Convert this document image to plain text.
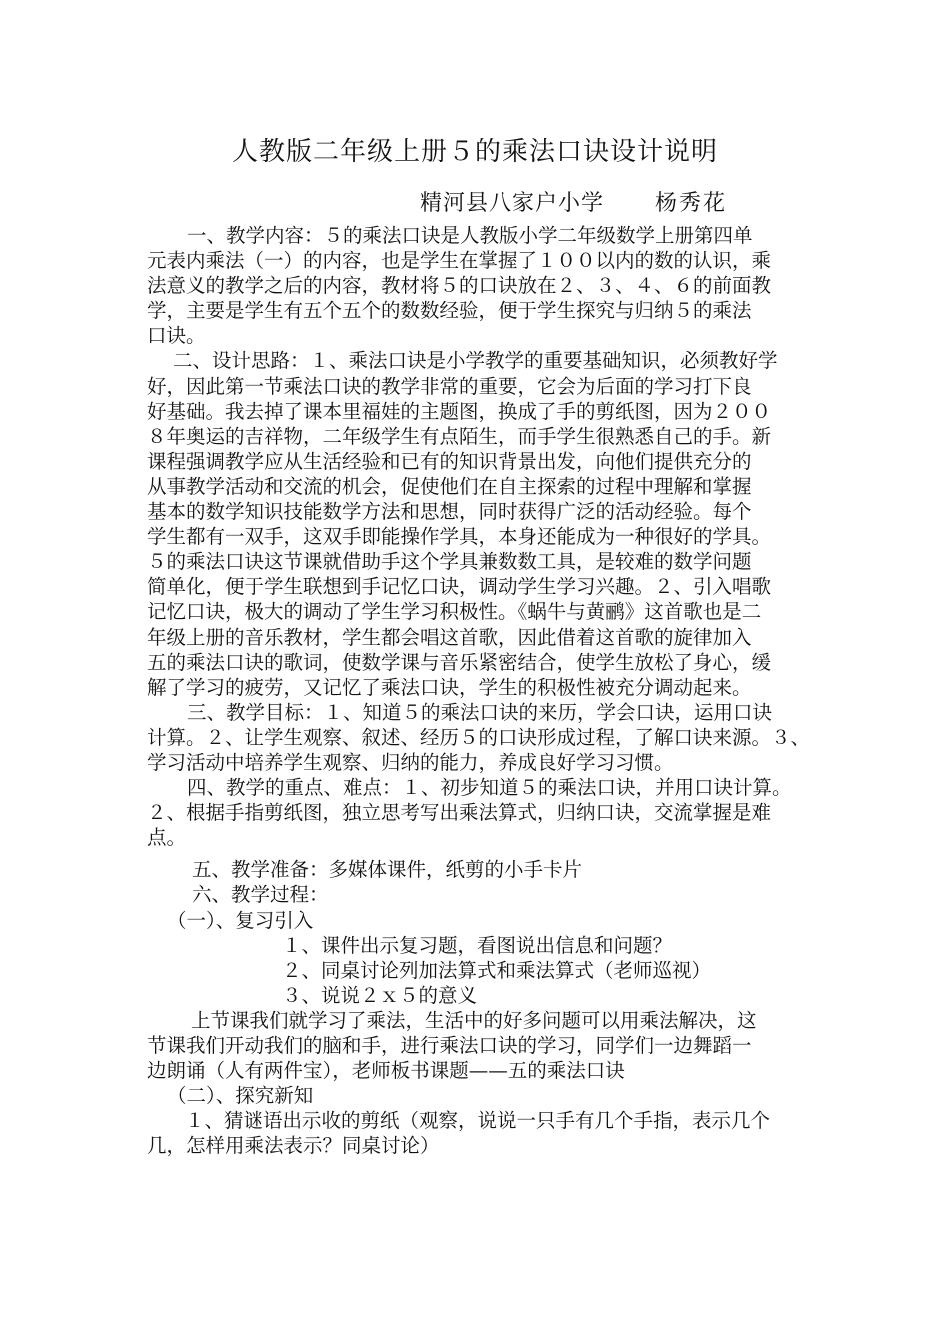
人教版二年级上册５的乘法口诀设计说明
精河县八家户小学 杨秀花
一、教学内容：５的乘法口诀是人教版小学二年级数学上册第四单
元表内乘法（一）的内容，也是学生在掌握了１００以内的数的认识，乘
法意义的教学之后的内容，教材将５的口诀放在２、３、４、６的前面教
学，主要是学生有五个五个的数数经验，便于学生探究与归纳５的乘法
口诀。
二、设计思路：１、乘法口诀是小学教学的重要基础知识，必须教好学
好，因此第一节乘法口诀的教学非常的重要，它会为后面的学习打下良
好基础。我去掉了课本里福娃的主题图，换成了手的剪纸图，因为２００
８年奥运的吉祥物，二年级学生有点陌生，而手学生很熟悉自己的手。新
课程强调教学应从生活经验和已有的知识背景出发，向他们提供充分的
从事教学活动和交流的机会，促使他们在自主探索的过程中理解和掌握
基本的数学知识技能数学方法和思想，同时获得广泛的活动经验。每个
学生都有一双手，这双手即能操作学具，本身还能成为一种很好的学具。
５的乘法口诀这节课就借助手这个学具兼数数工具，是较难的数学问题
简单化，便于学生联想到手记忆口诀，调动学生学习兴趣。２、引入唱歌
记忆口诀，极大的调动了学生学习积极性。《蜗牛与黄鹂》这首歌也是二
年级上册的音乐教材，学生都会唱这首歌，因此借着这首歌的旋律加入
五的乘法口诀的歌词，使数学课与音乐紧密结合，使学生放松了身心，缓
解了学习的疲劳，又记忆了乘法口诀，学生的积极性被充分调动起来。
三、教学目标：１、知道５的乘法口诀的来历，学会口诀，运用口诀
计算。２、让学生观察、叙述、经历５的口诀形成过程，了解口诀来源。３、
学习活动中培养学生观察、归纳的能力，养成良好学习习惯。
四、教学的重点、难点：１、初步知道５的乘法口诀，并用口诀计算。
２、根据手指剪纸图，独立思考写出乘法算式，归纳口诀，交流掌握是难
点。
五、教学准备：多媒体课件，纸剪的小手卡片
六、教学过程：
（一）、复习引入
１、课件出示复习题，看图说出信息和问题？
２、同桌讨论列加法算式和乘法算式（老师巡视）
３、说说２ｘ５的意义
上节课我们就学习了乘法，生活中的好多问题可以用乘法解决，这
节课我们开动我们的脑和手，进行乘法口诀的学习，同学们一边舞蹈一
边朗诵（人有两件宝），老师板书课题——五的乘法口诀
（二）、探究新知
１、猜谜语出示收的剪纸（观察，说说一只手有几个手指，表示几个
几，怎样用乘法表示？同桌讨论）
